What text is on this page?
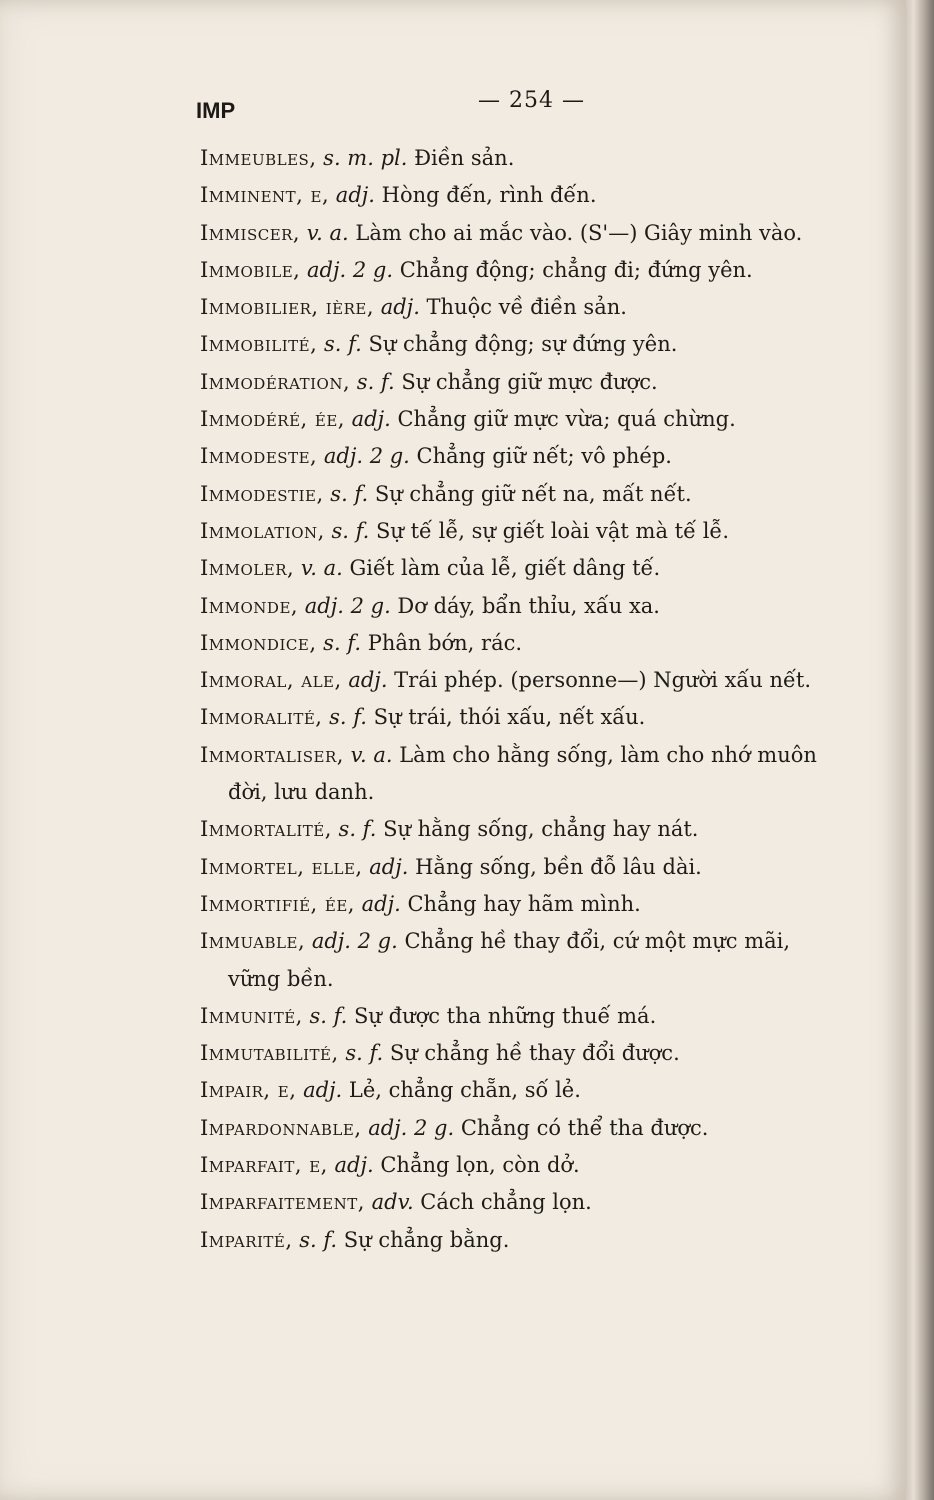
IMP	— 254 —
Immeubles, s. m. pl. Điền sản.
Imminent, e, adj. Hòng đến, rình đến.
Immiscer, v. a. Làm cho ai mắc vào. (S'—) Giây minh vào.
Immobile, adj. 2 g. Chẳng động; chẳng đi; đứng yên.
Immobilier, ière, adj. Thuộc về điền sản.
Immobilité, s. f. Sự chẳng động; sự đứng yên.
Immodération, s. f. Sự chẳng giữ mực được.
Immodéré, ée, adj. Chẳng giữ mực vừa; quá chừng.
Immodeste, adj. 2 g. Chẳng giữ nết; vô phép.
Immodestie, s. f. Sự chẳng giữ nết na, mất nết.
Immolation, s. f. Sự tế lễ, sự giết loài vật mà tế lễ.
Immoler, v. a. Giết làm của lễ, giết dâng tế.
Immonde, adj. 2 g. Dơ dáy, bẩn thỉu, xấu xa.
Immondice, s. f. Phân bớn, rác.
Immoral, ale, adj. Trái phép. (personne—) Người xấu nết.
Immoralité, s. f. Sự trái, thói xấu, nết xấu.
Immortaliser, v. a. Làm cho hằng sống, làm cho nhớ muôn
đời, lưu danh.
Immortalité, s. f. Sự hằng sống, chẳng hay nát.
Immortel, elle, adj. Hằng sống, bền đỗ lâu dài.
Immortifié, ée, adj. Chẳng hay hãm mình.
Immuable, adj. 2 g. Chẳng hề thay đổi, cứ một mực mãi,
vững bền.
Immunité, s. f. Sự được tha những thuế má.
Immutabilité, s. f. Sự chẳng hề thay đổi được.
Impair, e, adj. Lẻ, chẳng chẵn, số lẻ.
Impardonnable, adj. 2 g. Chẳng có thể tha được.
Imparfait, e, adj. Chẳng lọn, còn dở.
Imparfaitement, adv. Cách chẳng lọn.
Imparité, s. f. Sự chẳng bằng.
